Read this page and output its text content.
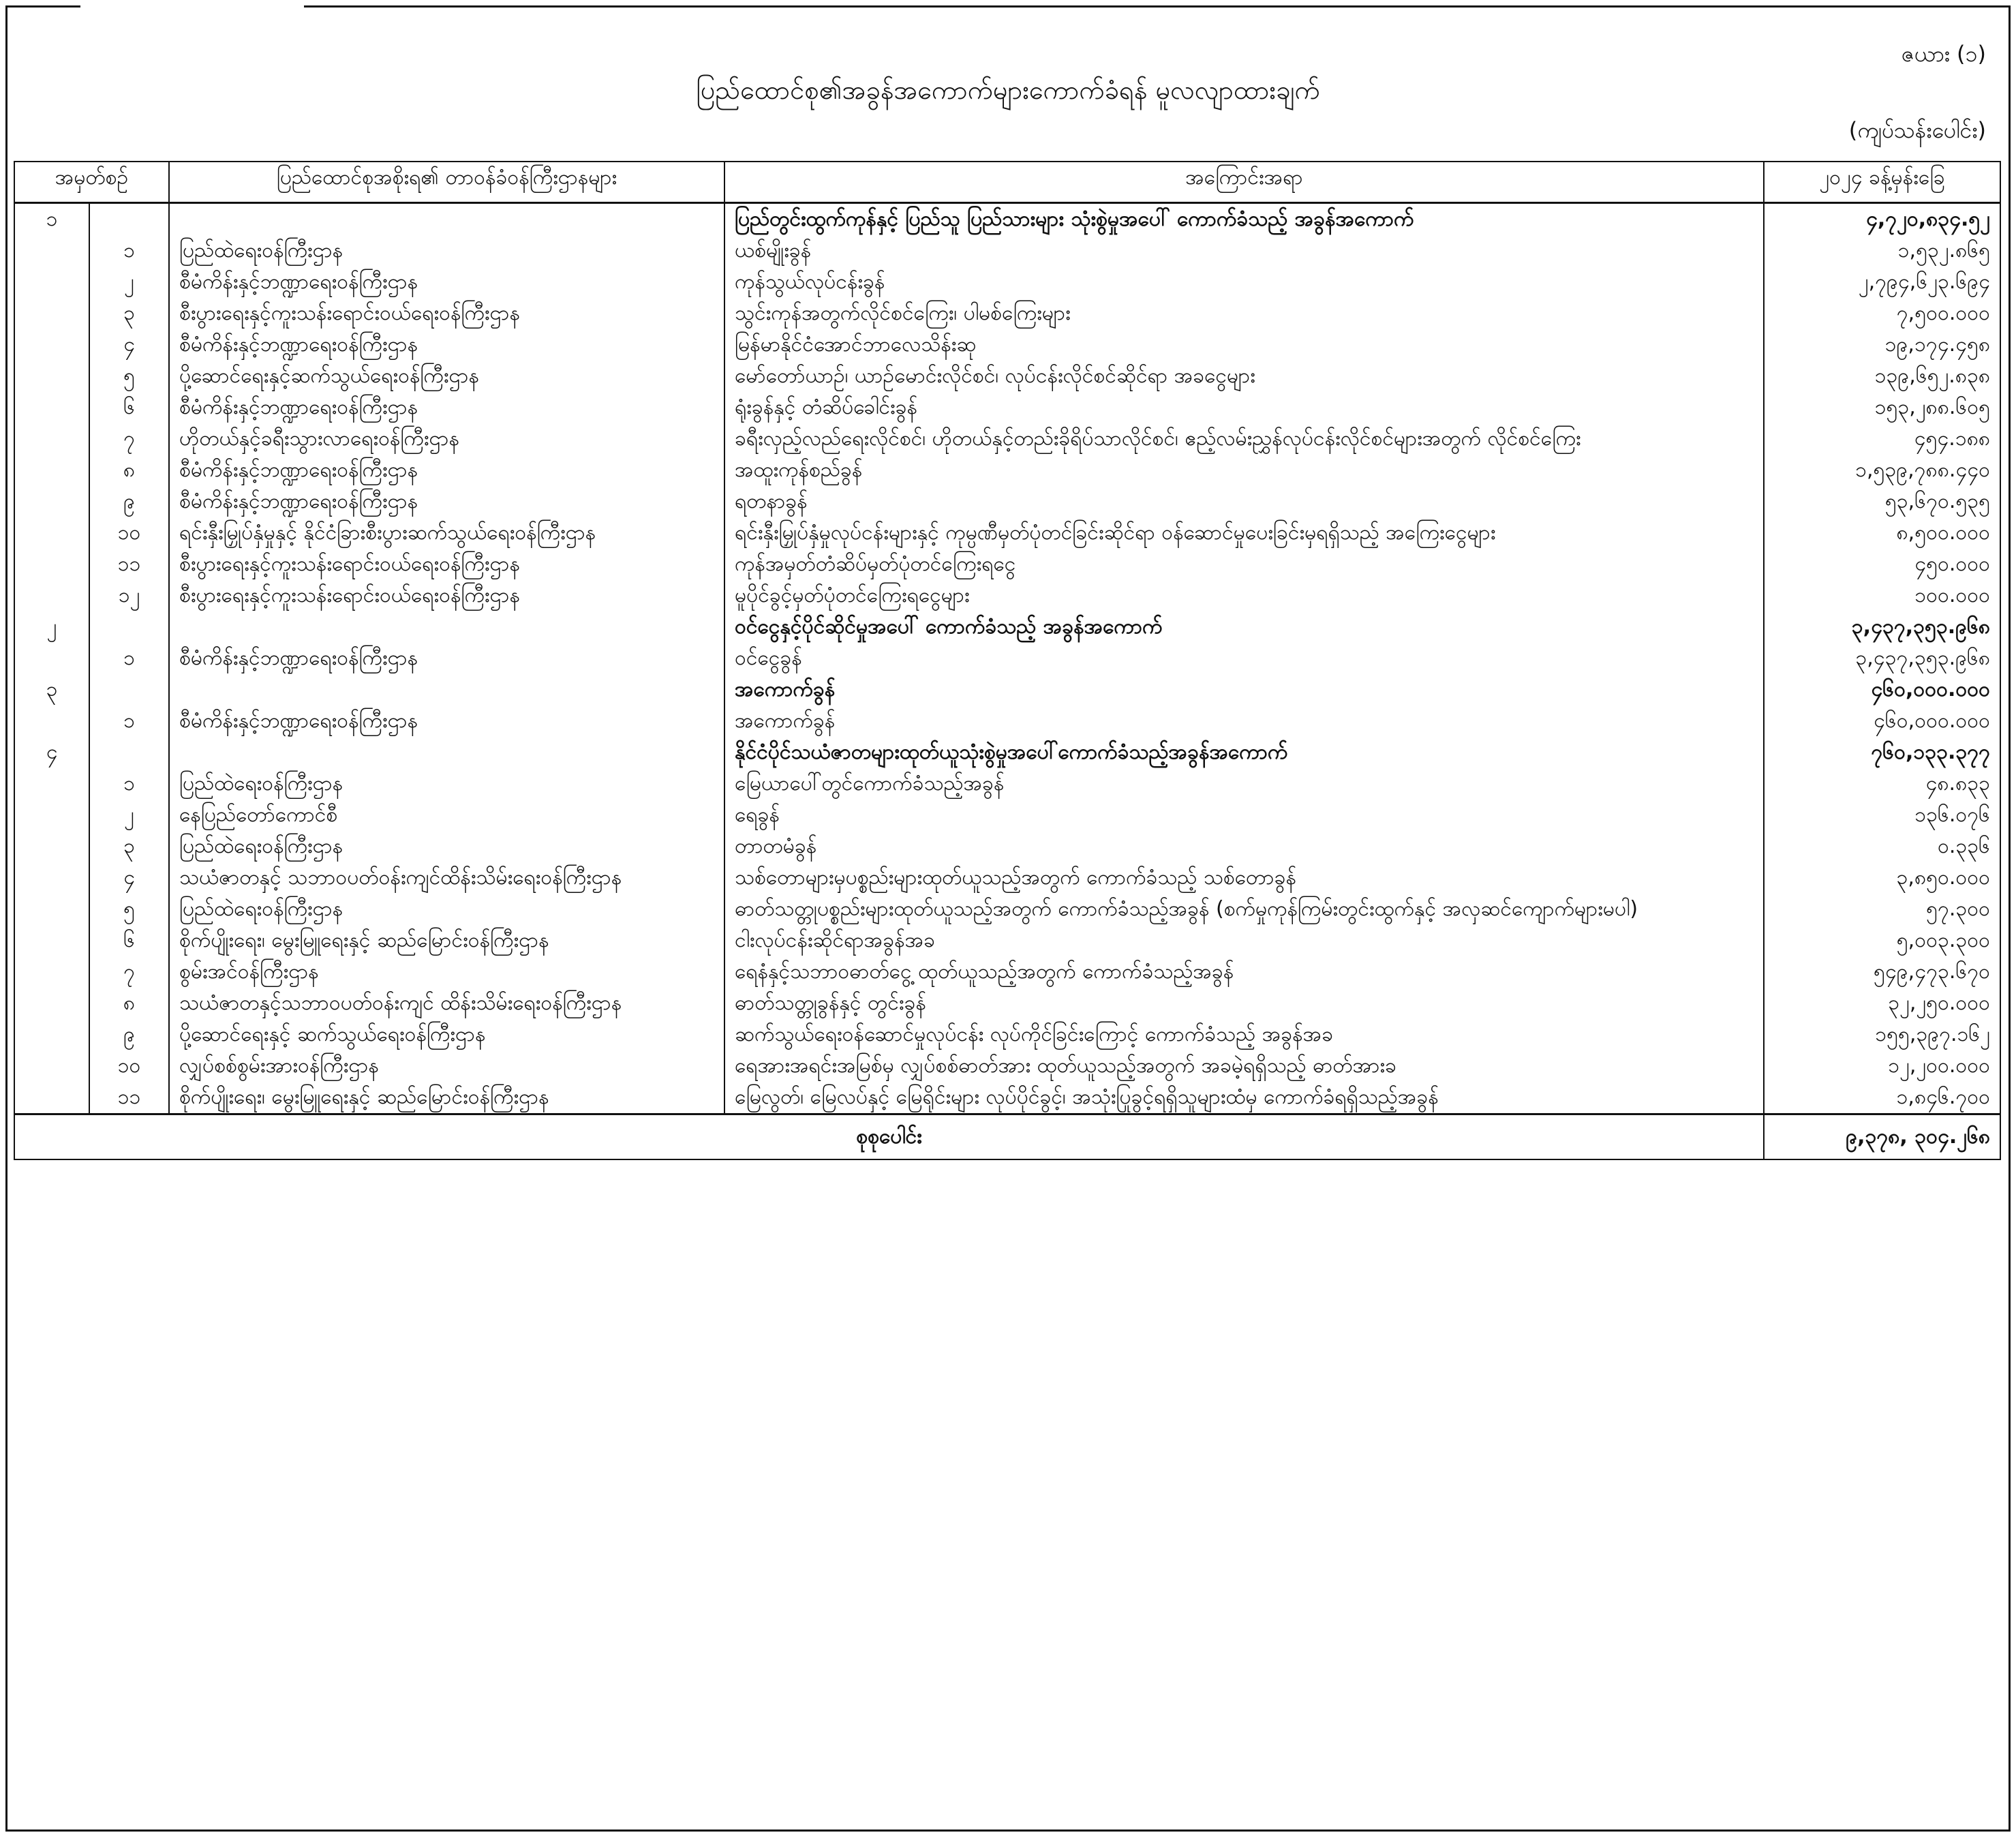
ဇယား (၁)
ပြည်ထောင်စု၏အခွန်အကောက်များကောက်ခံရန် မူလလျာထားချက်
(ကျပ်သန်းပေါင်း)
အမှတ်စဉ်		ပြည်ထောင်စုအစိုးရ၏ တာဝန်ခံဝန်ကြီးဌာနများ	အကြောင်းအရာ	၂၀၂၄ ခန့်မှန်းခြေ
၁			ပြည်တွင်းထွက်ကုန်နှင့် ပြည်သူ ပြည်သားများ သုံးစွဲမှုအပေါ် ကောက်ခံသည့် အခွန်အကောက်	၄,၇၂၀,၈၃၄.၅၂
	၁	ပြည်ထဲရေးဝန်ကြီးဌာန	ယစ်မျိုးခွန်	၁,၅၃၂.၈၆၅
	၂	စီမံကိန်းနှင့်ဘဏ္ဍာရေးဝန်ကြီးဌာန	ကုန်သွယ်လုပ်ငန်းခွန်	၂,၇၉၄,၆၂၃.၆၉၄
	၃	စီးပွားရေးနှင့်ကူးသန်းရောင်းဝယ်ရေးဝန်ကြီးဌာန	သွင်းကုန်အတွက်လိုင်စင်ကြေး၊ ပါမစ်ကြေးများ	၇,၅၀၀.၀၀၀
	၄	စီမံကိန်းနှင့်ဘဏ္ဍာရေးဝန်ကြီးဌာန	မြန်မာနိုင်ငံအောင်ဘာလေသိန်းဆု	၁၉,၁၇၄.၄၅၈
	၅	ပို့ဆောင်ရေးနှင့်ဆက်သွယ်ရေးဝန်ကြီးဌာန	မော်တော်ယာဉ်၊ ယာဉ်မောင်းလိုင်စင်၊ လုပ်ငန်းလိုင်စင်ဆိုင်ရာ အခငွေများ	၁၃၉,၆၅၂.၈၃၈
	၆	စီမံကိန်းနှင့်ဘဏ္ဍာရေးဝန်ကြီးဌာန	ရုံးခွန်နှင့် တံဆိပ်ခေါင်းခွန်	၁၅၃,၂၈၈.၆၀၅
	၇	ဟိုတယ်နှင့်ခရီးသွားလာရေးဝန်ကြီးဌာန	ခရီးလှည့်လည်ရေးလိုင်စင်၊ ဟိုတယ်နှင့်တည်းခိုရိပ်သာလိုင်စင်၊ ဧည့်လမ်းညွှန်လုပ်ငန်းလိုင်စင်များအတွက် လိုင်စင်ကြေး	၄၅၄.၁၈၈
	၈	စီမံကိန်းနှင့်ဘဏ္ဍာရေးဝန်ကြီးဌာန	အထူးကုန်စည်ခွန်	၁,၅၃၉,၇၈၈.၄၄၀
	၉	စီမံကိန်းနှင့်ဘဏ္ဍာရေးဝန်ကြီးဌာန	ရတနာခွန်	၅၃,၆၇၀.၅၃၅
	၁၀	ရင်းနှီးမြှုပ်နှံမှုနှင့် နိုင်ငံခြားစီးပွားဆက်သွယ်ရေးဝန်ကြီးဌာန	ရင်းနှီးမြှုပ်နှံမှုလုပ်ငန်းများနှင့် ကုမ္ပဏီမှတ်ပုံတင်ခြင်းဆိုင်ရာ ဝန်ဆောင်မှုပေးခြင်းမှရရှိသည့် အကြေးငွေများ	၈,၅၀၀.၀၀၀
	၁၁	စီးပွားရေးနှင့်ကူးသန်းရောင်းဝယ်ရေးဝန်ကြီးဌာန	ကုန်အမှတ်တံဆိပ်မှတ်ပုံတင်ကြေးရငွေ	၄၅၀.၀၀၀
	၁၂	စီးပွားရေးနှင့်ကူးသန်းရောင်းဝယ်ရေးဝန်ကြီးဌာန	မူပိုင်ခွင့်မှတ်ပုံတင်ကြေးရငွေများ	၁၀၀.၀၀၀
၂			ဝင်ငွေနှင့်ပိုင်ဆိုင်မှုအပေါ် ကောက်ခံသည့် အခွန်အကောက်	၃,၄၃၇,၃၅၃.၉၆၈
	၁	စီမံကိန်းနှင့်ဘဏ္ဍာရေးဝန်ကြီးဌာန	ဝင်ငွေခွန်	၃,၄၃၇,၃၅၃.၉၆၈
၃			အကောက်ခွန်	၄၆၀,၀၀၀.၀၀၀
	၁	စီမံကိန်းနှင့်ဘဏ္ဍာရေးဝန်ကြီးဌာန	အကောက်ခွန်	၄၆၀,၀၀၀.၀၀၀
၄			နိုင်ငံပိုင်သယံဇာတများထုတ်ယူသုံးစွဲမှုအပေါ်ကောက်ခံသည့်အခွန်အကောက်	၇၆၀,၁၃၃.၃၇၇
	၁	ပြည်ထဲရေးဝန်ကြီးဌာန	မြေယာပေါ်တွင်ကောက်ခံသည့်အခွန်	၄၈.၈၃၃
	၂	နေပြည်တော်ကောင်စီ	ရေခွန်	၁၃၆.၀၇၆
	၃	ပြည်ထဲရေးဝန်ကြီးဌာန	တာတမံခွန်	၀.၃၃၆
	၄	သယံဇာတနှင့် သဘာဝပတ်ဝန်းကျင်ထိန်းသိမ်းရေးဝန်ကြီးဌာန	သစ်တောများမှပစ္စည်းများထုတ်ယူသည့်အတွက် ကောက်ခံသည့် သစ်တောခွန်	၃,၈၅၀.၀၀၀
	၅	ပြည်ထဲရေးဝန်ကြီးဌာန	ဓာတ်သတ္တုပစ္စည်းများထုတ်ယူသည့်အတွက် ကောက်ခံသည့်အခွန် (စက်မှုကုန်ကြမ်းတွင်းထွက်နှင့် အလှဆင်ကျောက်များမပါ)	၅၇.၃၀၀
	၆	စိုက်ပျိုးရေး၊ မွေးမြူရေးနှင့် ဆည်မြောင်းဝန်ကြီးဌာန	ငါးလုပ်ငန်းဆိုင်ရာအခွန်အခ	၅,၀၀၃.၃၀၀
	၇	စွမ်းအင်ဝန်ကြီးဌာန	ရေနံနှင့်သဘာဝဓာတ်ငွေ့ ထုတ်ယူသည့်အတွက် ကောက်ခံသည့်အခွန်	၅၄၉,၄၇၃.၆၇၀
	၈	သယံဇာတနှင့်သဘာဝပတ်ဝန်းကျင် ထိန်းသိမ်းရေးဝန်ကြီးဌာန	ဓာတ်သတ္တုခွန်နှင့် တွင်းခွန်	၃၂,၂၅၀.၀၀၀
	၉	ပို့ဆောင်ရေးနှင့် ဆက်သွယ်ရေးဝန်ကြီးဌာန	ဆက်သွယ်ရေးဝန်ဆောင်မှုလုပ်ငန်း လုပ်ကိုင်ခြင်းကြောင့် ကောက်ခံသည့် အခွန်အခ	၁၅၅,၃၉၇.၁၆၂
	၁၀	လျှပ်စစ်စွမ်းအားဝန်ကြီးဌာန	ရေအားအရင်းအမြစ်မှ လျှပ်စစ်ဓာတ်အား ထုတ်ယူသည့်အတွက် အခမဲ့ရရှိသည့် ဓာတ်အားခ	၁၂,၂၀၀.၀၀၀
	၁၁	စိုက်ပျိုးရေး၊ မွေးမြူရေးနှင့် ဆည်မြောင်းဝန်ကြီးဌာန	မြေလွတ်၊ မြေလပ်နှင့် မြေရိုင်းများ လုပ်ပိုင်ခွင့်၊ အသုံးပြုခွင့်ရရှိသူများထံမှ ကောက်ခံရရှိသည့်အခွန်	၁,၈၄၆.၇၀၀
စုစုပေါင်း				၉,၃၇၈, ၃၀၄.၂၆၈
